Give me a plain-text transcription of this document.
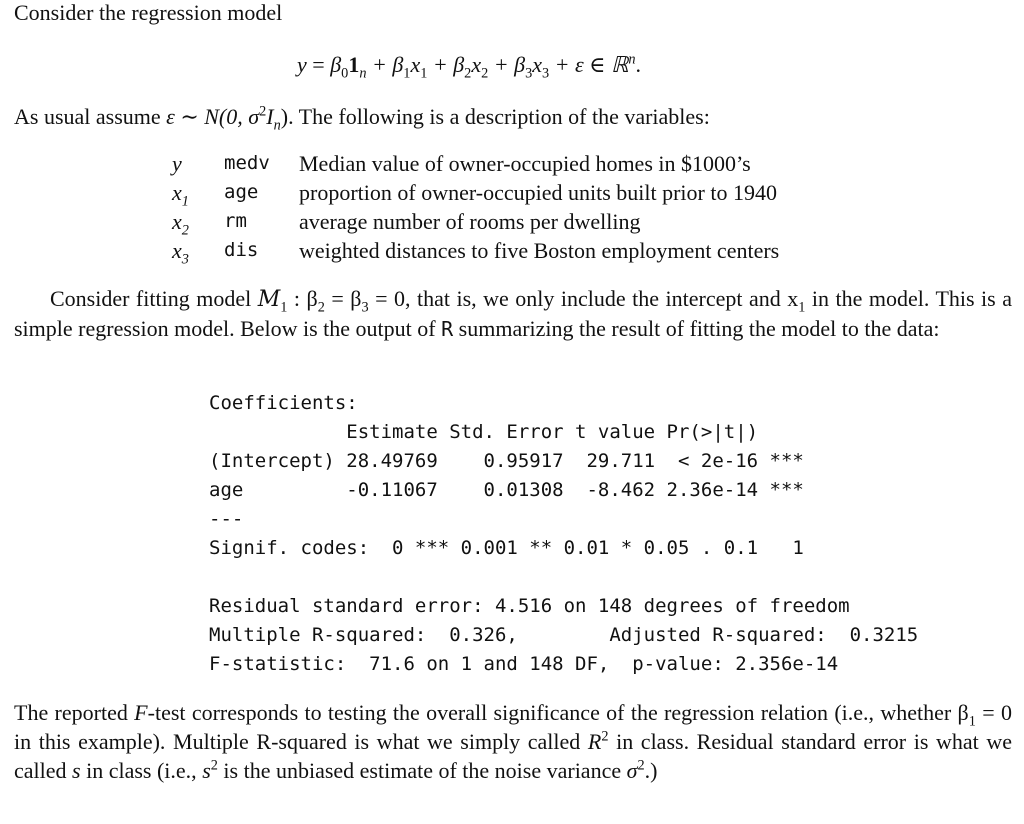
Consider the regression model
$y = \beta_01_n + \beta_1x_1 + \beta_2x_2 + \beta_3x_3 + \varepsilon$ ∈ ℝ$^n$.
As usual assume ε ∼ N(0, $\sigma^2I_n$). The following is a description of the variables:
y medv Median value of owner-occupied homes in $1000’s
$x_1$ age proportion of owner-occupied units built prior to 1940
$x_2$ rm average number of rooms per dwelling
$x_3$ dis weighted distances to five Boston employment centers
Consider fitting model $M_1$ : $\beta_2 = \beta_3 = 0$, that is, we only include the intercept and $x_1$ in the model. This is a simple regression model. Below is the output of R summarizing the result of fitting the model to the data:
Coefficients:
Estimate Std. Error t value Pr(>|t|)
(Intercept) 28.49769    0.95917  29.711  < 2e-16 ***
age         -0.11067    0.01308  -8.462 2.36e-14 ***
---
Signif. codes:  0 *** 0.001 ** 0.01 * 0.05 . 0.1   1
Residual standard error: 4.516 on 148 degrees of freedom
Multiple R-squared:  0.326,        Adjusted R-squared:  0.3215
F-statistic:  71.6 on 1 and 148 DF,  p-value: 2.356e-14
The reported F-test corresponds to testing the overall significance of the regression relation (i.e., whether $\beta_1 = 0$ in this example). Multiple R-squared is what we simply called $R^2$ in class. Residual standard error is what we called s in class (i.e., $s^2$ is the unbiased estimate of the noise variance $\sigma^2$.)
